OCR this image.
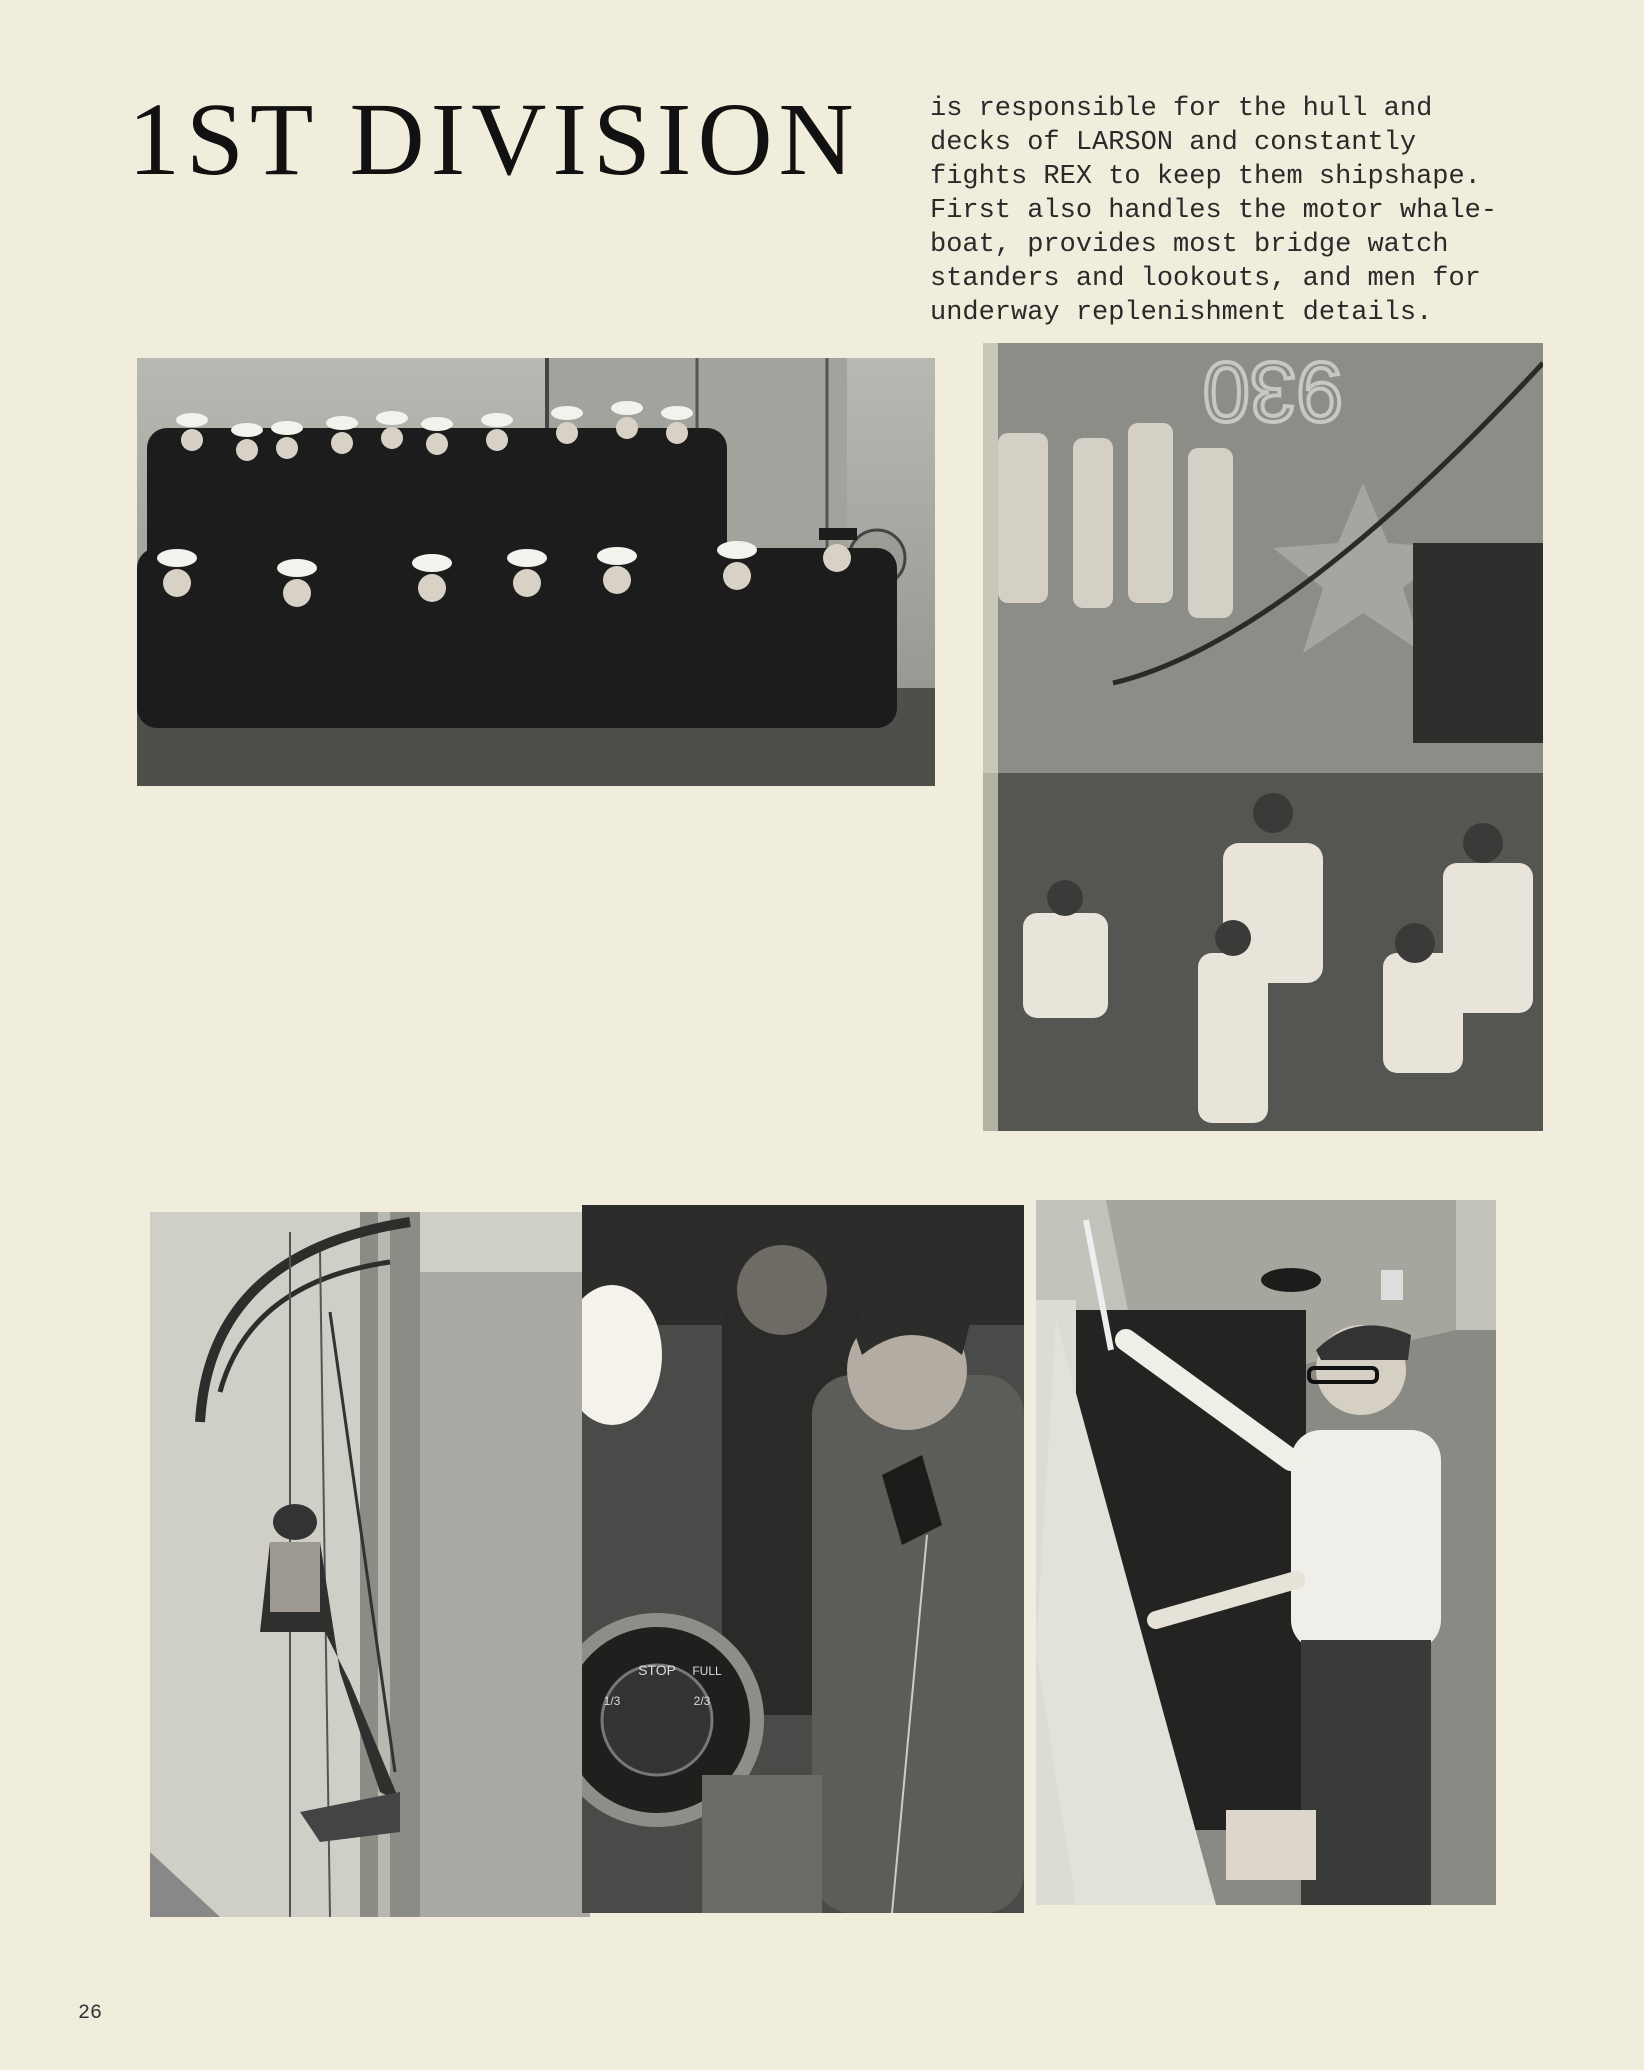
1ST DIVISION	is responsible for the hull and
decks of LARSON and constantly
fights REX to keep them shipshape.
First also handles the motor whale-
boat, provides most bridge watch
standers and lookouts, and men for
underway replenishment details.

930
STOP
1/3	2/3
FULL
26
